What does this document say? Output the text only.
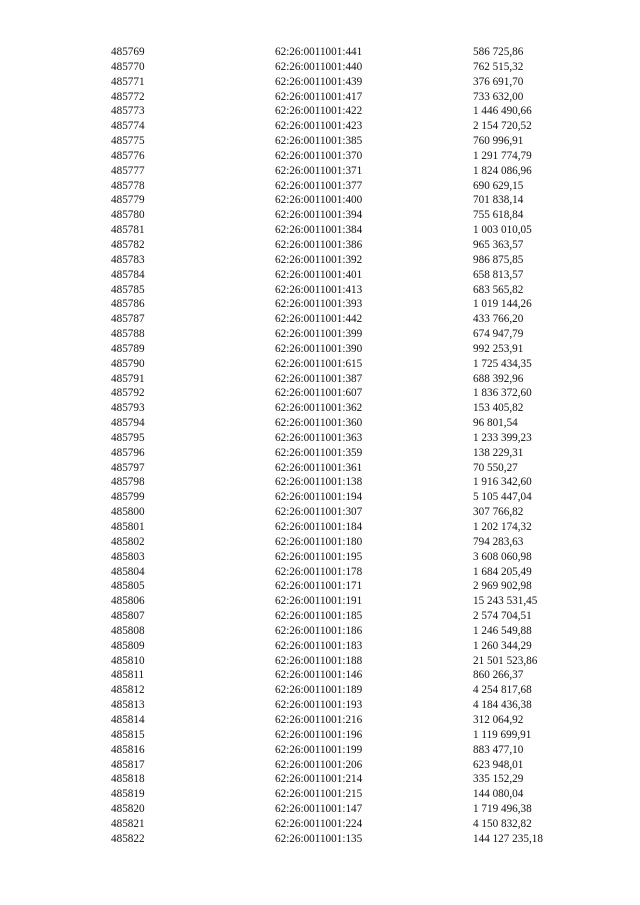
485769	62:26:0011001:441	586 725,86
485770	62:26:0011001:440	762 515,32
485771	62:26:0011001:439	376 691,70
485772	62:26:0011001:417	733 632,00
485773	62:26:0011001:422	1 446 490,66
485774	62:26:0011001:423	2 154 720,52
485775	62:26:0011001:385	760 996,91
485776	62:26:0011001:370	1 291 774,79
485777	62:26:0011001:371	1 824 086,96
485778	62:26:0011001:377	690 629,15
485779	62:26:0011001:400	701 838,14
485780	62:26:0011001:394	755 618,84
485781	62:26:0011001:384	1 003 010,05
485782	62:26:0011001:386	965 363,57
485783	62:26:0011001:392	986 875,85
485784	62:26:0011001:401	658 813,57
485785	62:26:0011001:413	683 565,82
485786	62:26:0011001:393	1 019 144,26
485787	62:26:0011001:442	433 766,20
485788	62:26:0011001:399	674 947,79
485789	62:26:0011001:390	992 253,91
485790	62:26:0011001:615	1 725 434,35
485791	62:26:0011001:387	688 392,96
485792	62:26:0011001:607	1 836 372,60
485793	62:26:0011001:362	153 405,82
485794	62:26:0011001:360	96 801,54
485795	62:26:0011001:363	1 233 399,23
485796	62:26:0011001:359	138 229,31
485797	62:26:0011001:361	70 550,27
485798	62:26:0011001:138	1 916 342,60
485799	62:26:0011001:194	5 105 447,04
485800	62:26:0011001:307	307 766,82
485801	62:26:0011001:184	1 202 174,32
485802	62:26:0011001:180	794 283,63
485803	62:26:0011001:195	3 608 060,98
485804	62:26:0011001:178	1 684 205,49
485805	62:26:0011001:171	2 969 902,98
485806	62:26:0011001:191	15 243 531,45
485807	62:26:0011001:185	2 574 704,51
485808	62:26:0011001:186	1 246 549,88
485809	62:26:0011001:183	1 260 344,29
485810	62:26:0011001:188	21 501 523,86
485811	62:26:0011001:146	860 266,37
485812	62:26:0011001:189	4 254 817,68
485813	62:26:0011001:193	4 184 436,38
485814	62:26:0011001:216	312 064,92
485815	62:26:0011001:196	1 119 699,91
485816	62:26:0011001:199	883 477,10
485817	62:26:0011001:206	623 948,01
485818	62:26:0011001:214	335 152,29
485819	62:26:0011001:215	144 080,04
485820	62:26:0011001:147	1 719 496,38
485821	62:26:0011001:224	4 150 832,82
485822	62:26:0011001:135	144 127 235,18
